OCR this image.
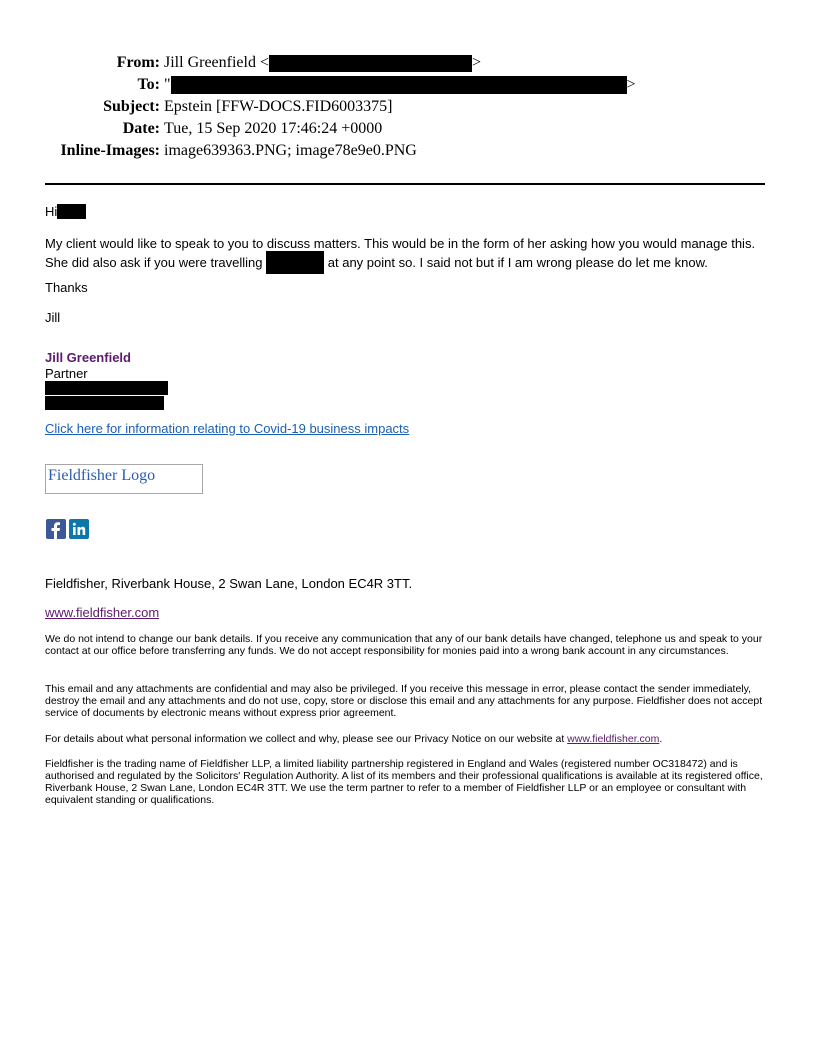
From: Jill Greenfield <	>
To: "	>
Subject: Epstein [FFW-DOCS.FID6003375]
Date: Tue, 15 Sep 2020 17:46:24 +0000
Inline-Images: image639363.PNG; image78e9e0.PNG
Hi
My client would like to speak to you to discuss matters. This would be in the form of her asking how you would manage this. She did also ask if you were travelling	at any point so. I said not but if I am wrong please do let me know.
Thanks
Jill
Jill Greenfield
Partner
Click here for information relating to Covid-19 business impacts
Fieldfisher Logo
Fieldfisher, Riverbank House, 2 Swan Lane, London EC4R 3TT.
www.fieldfisher.com
We do not intend to change our bank details. If you receive any communication that any of our bank details have changed, telephone us and speak to your contact at our office before transferring any funds. We do not accept responsibility for monies paid into a wrong bank account in any circumstances.
This email and any attachments are confidential and may also be privileged. If you receive this message in error, please contact the sender immediately, destroy the email and any attachments and do not use, copy, store or disclose this email and any attachments for any purpose. Fieldfisher does not accept service of documents by electronic means without express prior agreement.
For details about what personal information we collect and why, please see our Privacy Notice on our website at www.fieldfisher.com.
Fieldfisher is the trading name of Fieldfisher LLP, a limited liability partnership registered in England and Wales (registered number OC318472) and is authorised and regulated by the Solicitors' Regulation Authority. A list of its members and their professional qualifications is available at its registered office, Riverbank House, 2 Swan Lane, London EC4R 3TT. We use the term partner to refer to a member of Fieldfisher LLP or an employee or consultant with equivalent standing or qualifications.
